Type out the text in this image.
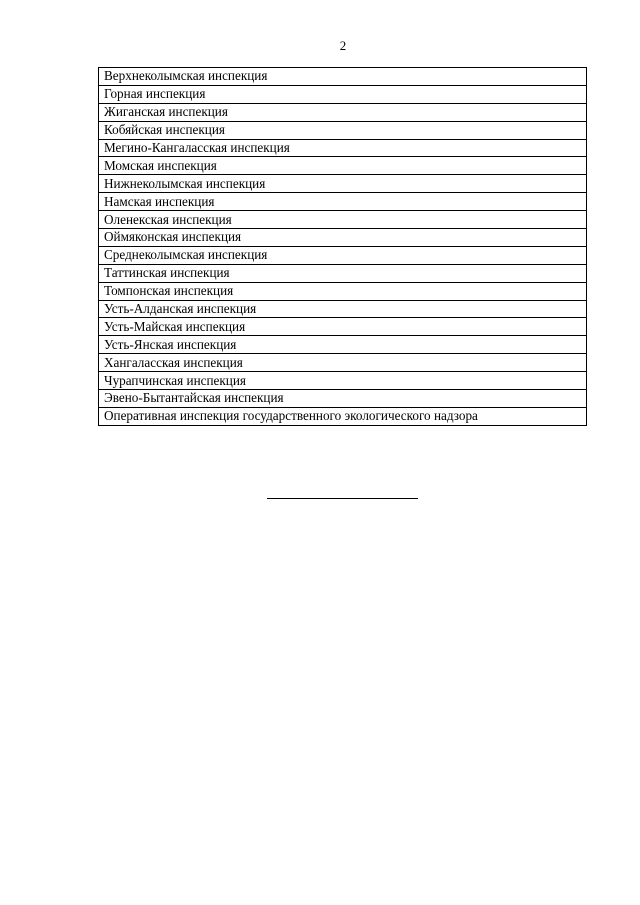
2
Верхнеколымская инспекция
Горная инспекция
Жиганская инспекция
Кобяйская инспекция
Мегино-Кангаласская инспекция
Момская инспекция
Нижнеколымская инспекция
Намская инспекция
Оленекская инспекция
Оймяконская инспекция
Среднеколымская инспекция
Таттинская инспекция
Томпонская инспекция
Усть-Алданская инспекция
Усть-Майская инспекция
Усть-Янская инспекция
Хангаласская инспекция
Чурапчинская инспекция
Эвено-Бытантайская инспекция
Оперативная инспекция государственного экологического надзора
